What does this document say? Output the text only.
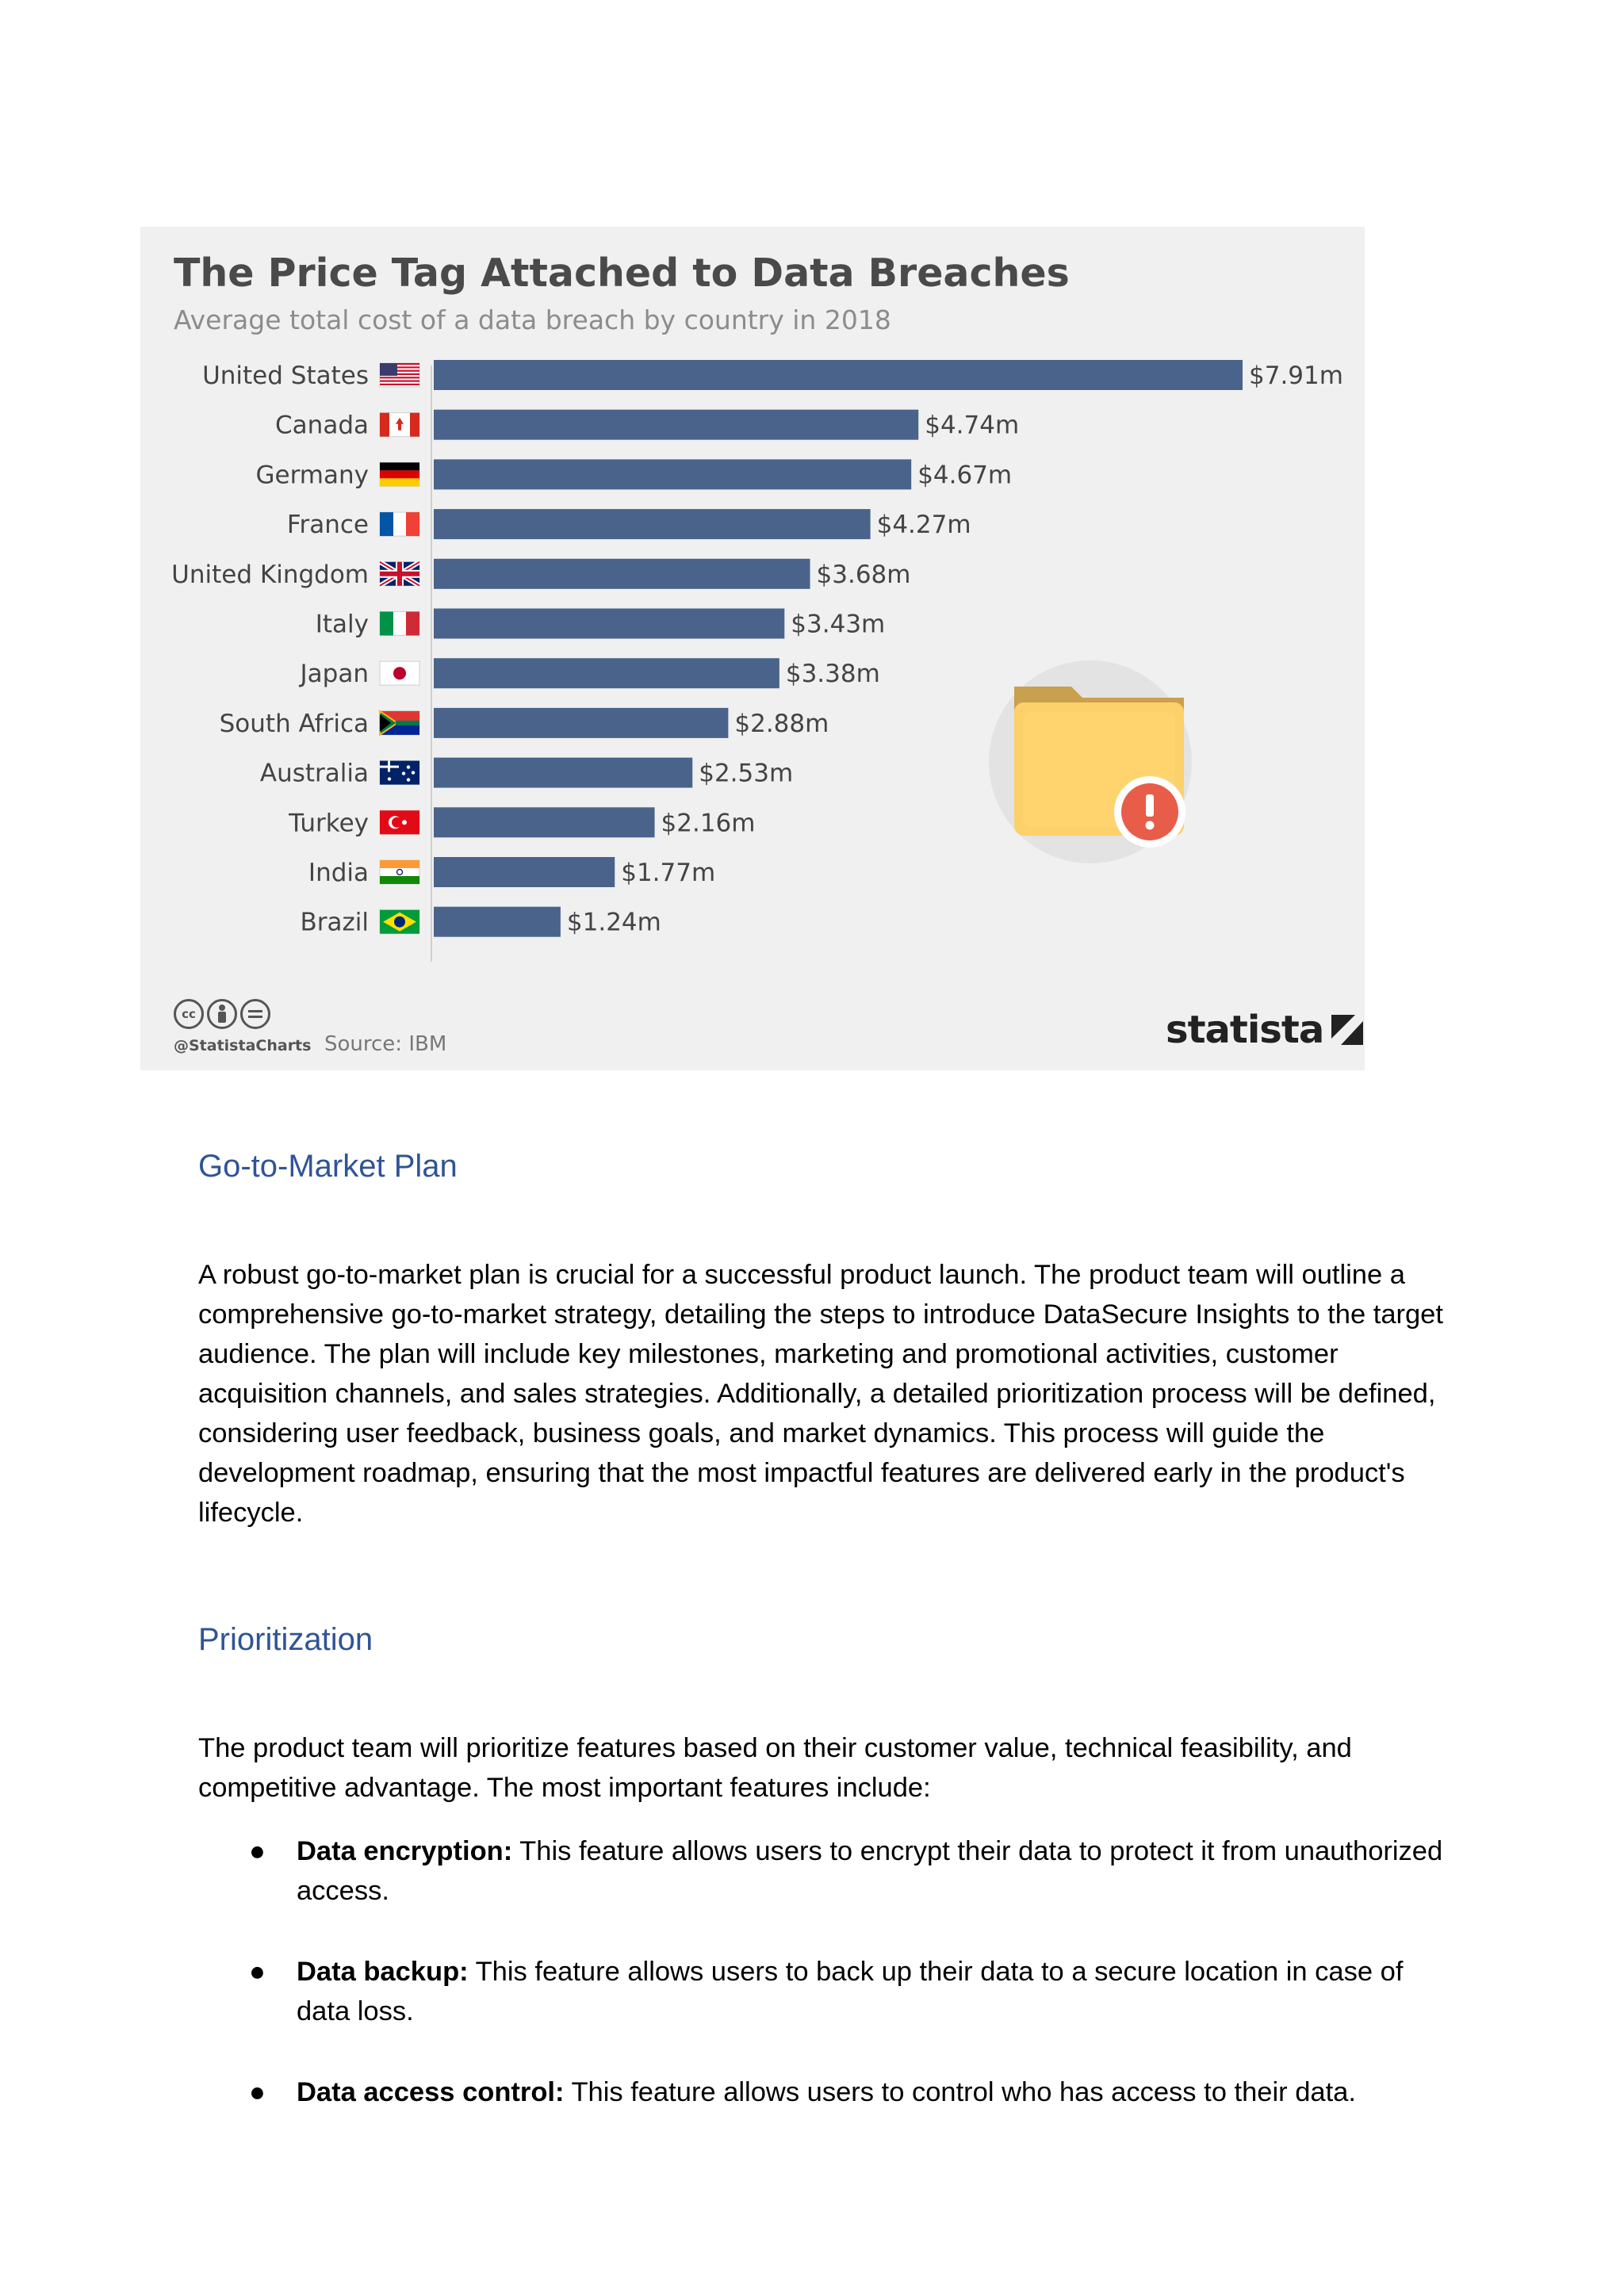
United States	$7.91m
Canada	$4.74m
Germany	$4.67m
France	$4.27m
United Kingdom	$3.68m
Italy	$3.43m
Japan	$3.38m
South Africa	$2.88m
Australia	$2.53m
Turkey	$2.16m
India	$1.77m
Brazil	$1.24m
The Price Tag Attached to Data Breaches
Average total cost of a data breach by country in 2018
cc
@StatistaCharts Source: IBM	statista
Go-to-Market Plan

A robust go-to-market plan is crucial for a successful product launch. The product team will outline a comprehensive go-to-market strategy, detailing the steps to introduce DataSecure Insights to the target audience. The plan will include key milestones, marketing and promotional activities, customer acquisition channels, and sales strategies. Additionally, a detailed prioritization process will be defined, considering user feedback, business goals, and market dynamics. This process will guide the development roadmap, ensuring that the most impactful features are delivered early in the product's lifecycle.

Prioritization

The product team will prioritize features based on their customer value, technical feasibility, and competitive advantage. The most important features include:

● Data encryption: This feature allows users to encrypt their data to protect it from unauthorized access.
● Data backup: This feature allows users to back up their data to a secure location in case of data loss.
● Data access control: This feature allows users to control who has access to their data.
